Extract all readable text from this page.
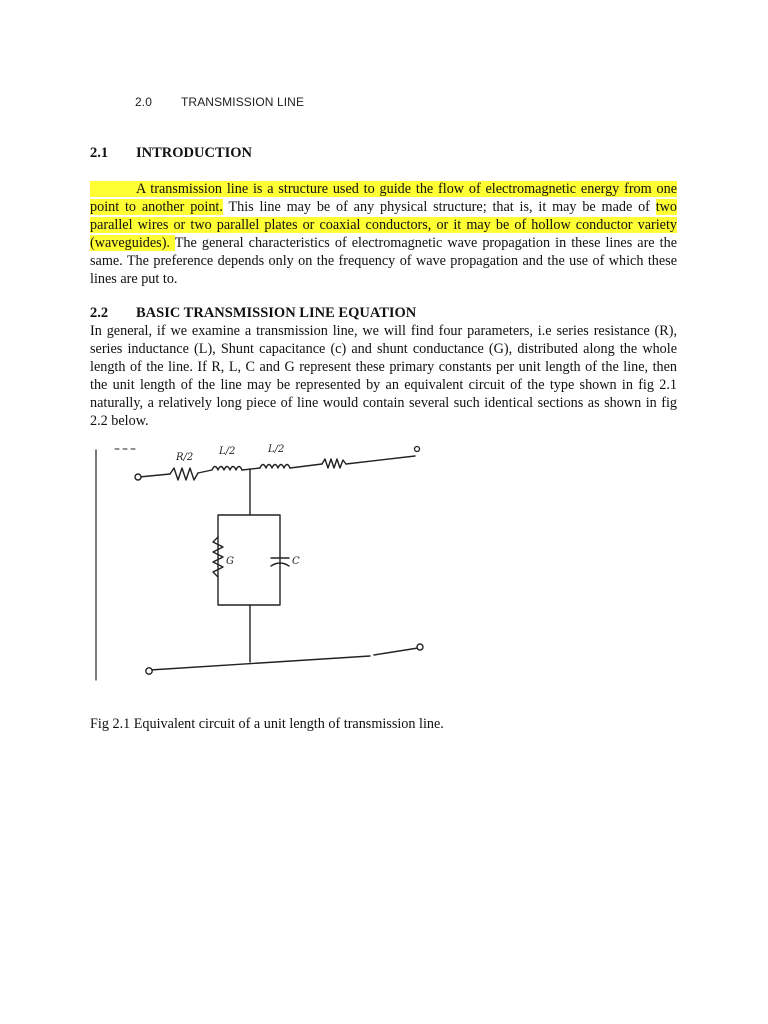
2.0 TRANSMISSION LINE
2.1 INTRODUCTION

A transmission line is a structure used to guide the flow of electromagnetic energy from one point to another point. This line may be of any physical structure; that is, it may be made of two parallel wires or two parallel plates or coaxial conductors, or it may be of hollow conductor variety (waveguides). The general characteristics of electromagnetic wave propagation in these lines are the same. The preference depends only on the frequency of wave propagation and the use of which these lines are put to.

2.2 BASIC TRANSMISSION LINE EQUATION

In general, if we examine a transmission line, we will find four parameters, i.e series resistance (R), series inductance (L), Shunt capacitance (c) and shunt conductance (G), distributed along the whole length of the line. If R, L, C and G represent these primary constants per unit length of the line, then the unit length of the line may be represented by an equivalent circuit of the type shown in fig 2.1 naturally, a relatively long piece of line would contain several such identical sections as shown in fig 2.2 below.

R/2
L/2	L/2
G	C
Fig 2.1 Equivalent circuit of a unit length of transmission line.
